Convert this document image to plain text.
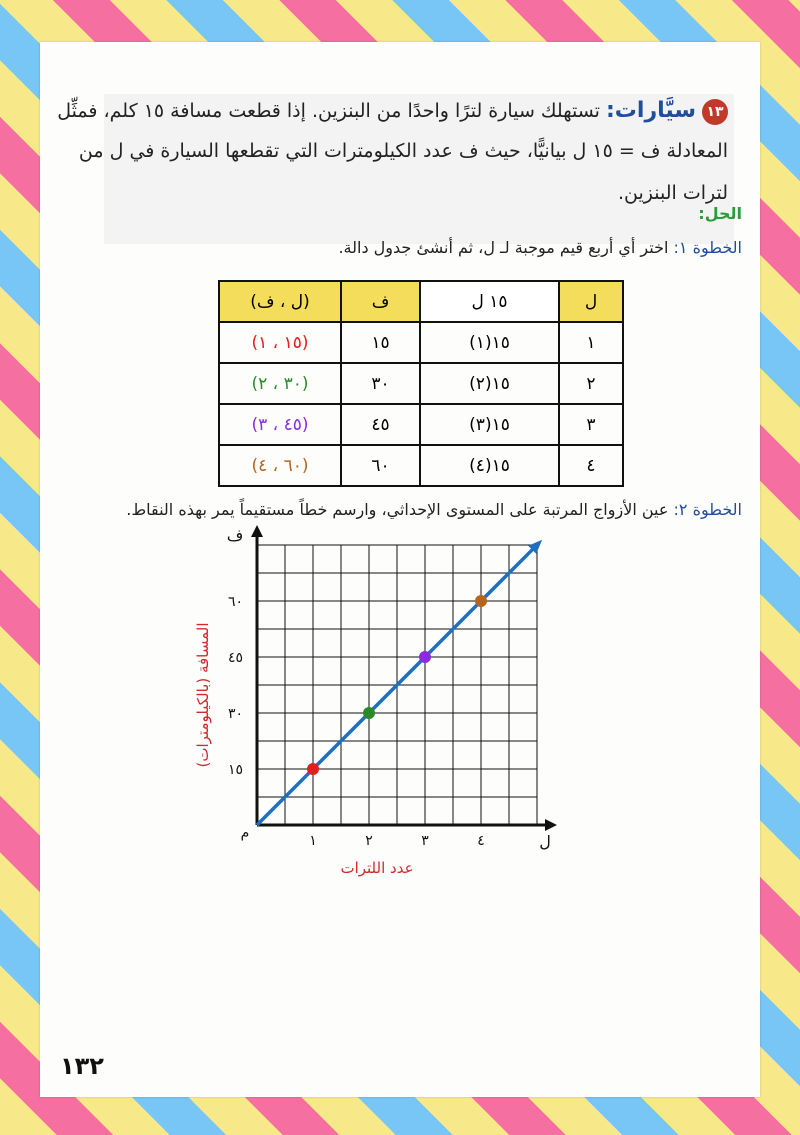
١٣سيَّارات: تستهلك سيارة لترًا واحدًا من البنزين. إذا قطعت مسافة ١٥ كلم، فمثِّل
المعادلة ف = ١٥ ل بيانيًّا، حيث ف عدد الكيلومترات التي تقطعها السيارة في ل من
لترات البنزين.
الحل:
الخطوة ١: اختر أي أربع قيم موجبة لـ ل، ثم أنشئ جدول دالة.
ل	١٥ ل	ف	(ل ، ف)
١	١٥(١)	١٥	(١٥ ، ١)
٢	١٥(٢)	٣٠	(٣٠ ، ٢)
٣	١٥(٣)	٤٥	(٤٥ ، ٣)
٤	١٥(٤)	٦٠	(٦٠ ، ٤)
الخطوة ٢: عين الأزواج المرتبة على المستوى الإحداثي، وارسم خطاً مستقيماً يمر بهذه النقاط.
١	٢	٣	٤
١٥
٣٠
٤٥
٦٠
م	ل
ف
عدد اللترات
المسافة (بالكيلومترات)
١٣٢
